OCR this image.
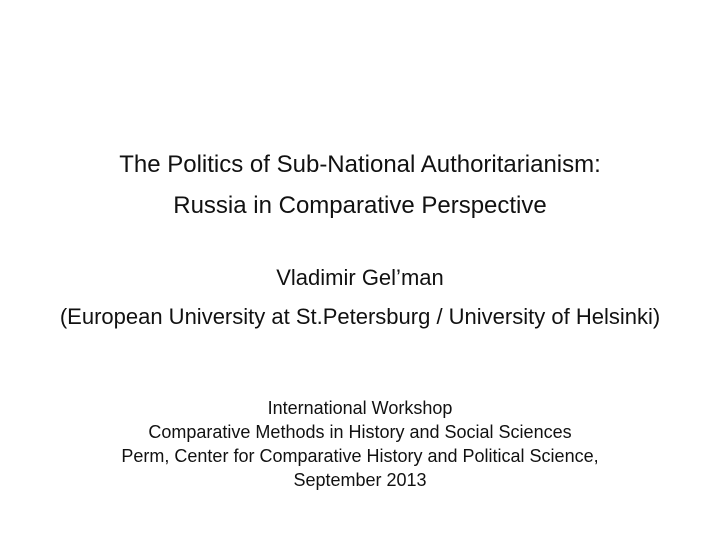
The Politics of Sub-National Authoritarianism:
Russia in Comparative Perspective
Vladimir Gel’man
(European University at St.Petersburg / University of Helsinki)
International Workshop
Comparative Methods in History and Social Sciences
Perm, Center for Comparative History and Political Science,
September 2013
